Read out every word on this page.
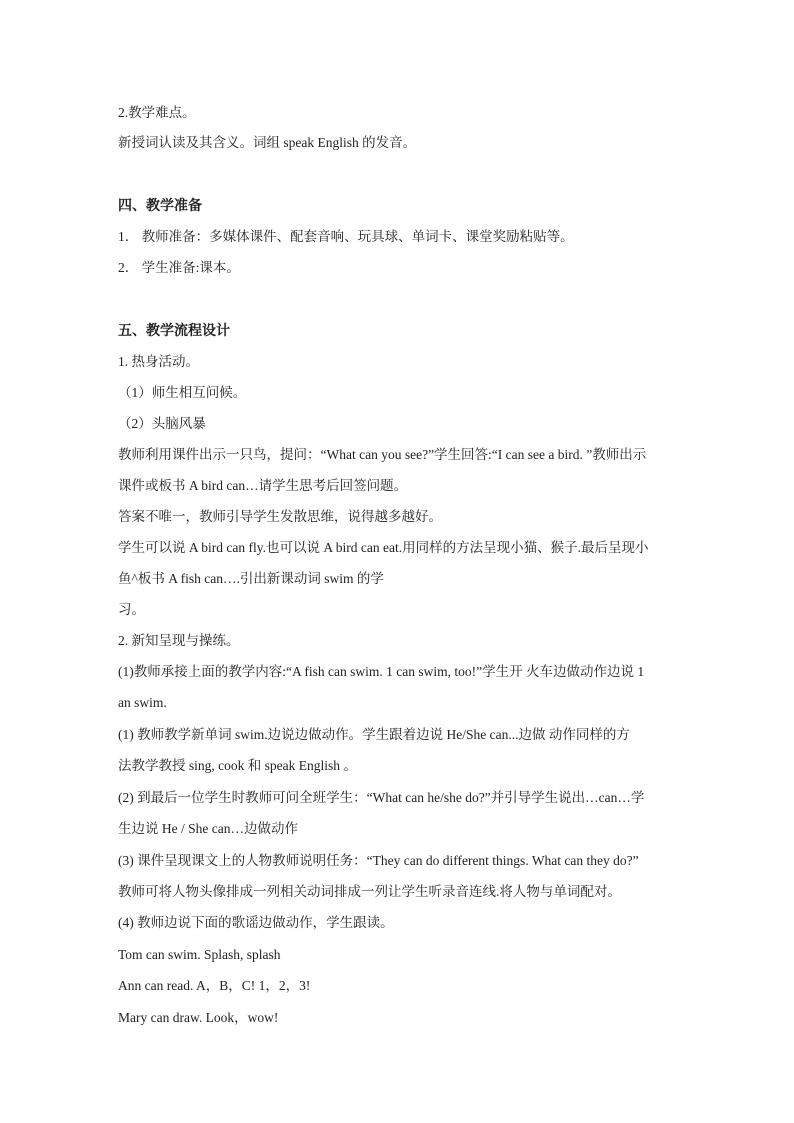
2.教学难点。
新授词认读及其含义。词组 speak English 的发音。
四、教学准备
1． 教师准备：多媒体课件、配套音响、玩具球、单词卡、课堂奖励粘贴等。
2． 学生准备:课本。
五、教学流程设计
1. 热身活动。
（1）师生相互问候。
（2）头脑风暴
教师利用课件出示一只鸟，提问：“What can you see?”学生回答:“I can see a bird. ”教师出示
课件或板书 A bird can…请学生思考后回签问题。
答案不唯一，教师引导学生发散思维，说得越多越好。
学生可以说 A bird can fly.也可以说 A bird can eat.用同样的方法呈现小猫、猴子.最后呈现小
鱼^板书 A fish can….引出新课动词 swim 的学
习。
2. 新知呈现与操练。
(1)教师承接上面的教学内容:“A fish can swim. 1 can swim, too!”学生开 火车边做动作边说 1
an swim.
(1) 教师教学新单词 swim.边说边做动作。学生跟着边说 He/She can...边做 动作同样的方
法教学教授 sing, cook 和 speak English 。
(2) 到最后一位学生时教师可问全班学生：“What can he/she do?”并引导学生说出…can…学
生边说 He / She can…边做动作
(3) 课件呈现课文上的人物教师说明任务：“They can do different things. What can they do?”
教师可将人物头像排成一列相关动词排成一列让学生听录音连线.将人物与单词配对。
(4) 教师边说下面的歌谣边做动作，学生跟读。
Tom can swim. Splash, splash
Ann can read. A，B，C! 1，2，3!
Mary can draw. Look，wow!
